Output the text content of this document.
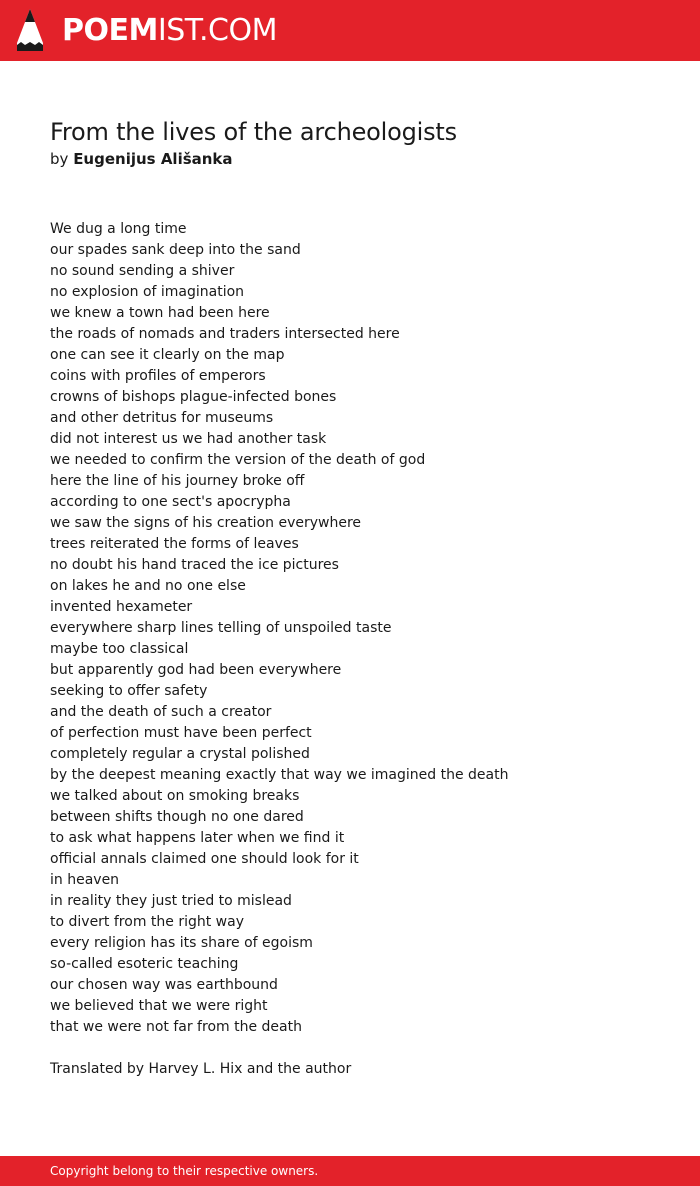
POEMIST.COM
From the lives of the archeologists
by Eugenijus Ališanka
We dug a long time
our spades sank deep into the sand
no sound sending a shiver
no explosion of imagination
we knew a town had been here
the roads of nomads and traders intersected here
one can see it clearly on the map
coins with profiles of emperors
crowns of bishops plague-infected bones
and other detritus for museums
did not interest us we had another task
we needed to confirm the version of the death of god
here the line of his journey broke off
according to one sect's apocrypha
we saw the signs of his creation everywhere
trees reiterated the forms of leaves
no doubt his hand traced the ice pictures
on lakes he and no one else
invented hexameter
everywhere sharp lines telling of unspoiled taste
maybe too classical
but apparently god had been everywhere
seeking to offer safety
and the death of such a creator
of perfection must have been perfect
completely regular a crystal polished
by the deepest meaning exactly that way we imagined the death
we talked about on smoking breaks
between shifts though no one dared
to ask what happens later when we find it
official annals claimed one should look for it
in heaven
in reality they just tried to mislead
to divert from the right way
every religion has its share of egoism
so-called esoteric teaching
our chosen way was earthbound
we believed that we were right
that we were not far from the death
Translated by Harvey L. Hix and the author
Copyright belong to their respective owners.
